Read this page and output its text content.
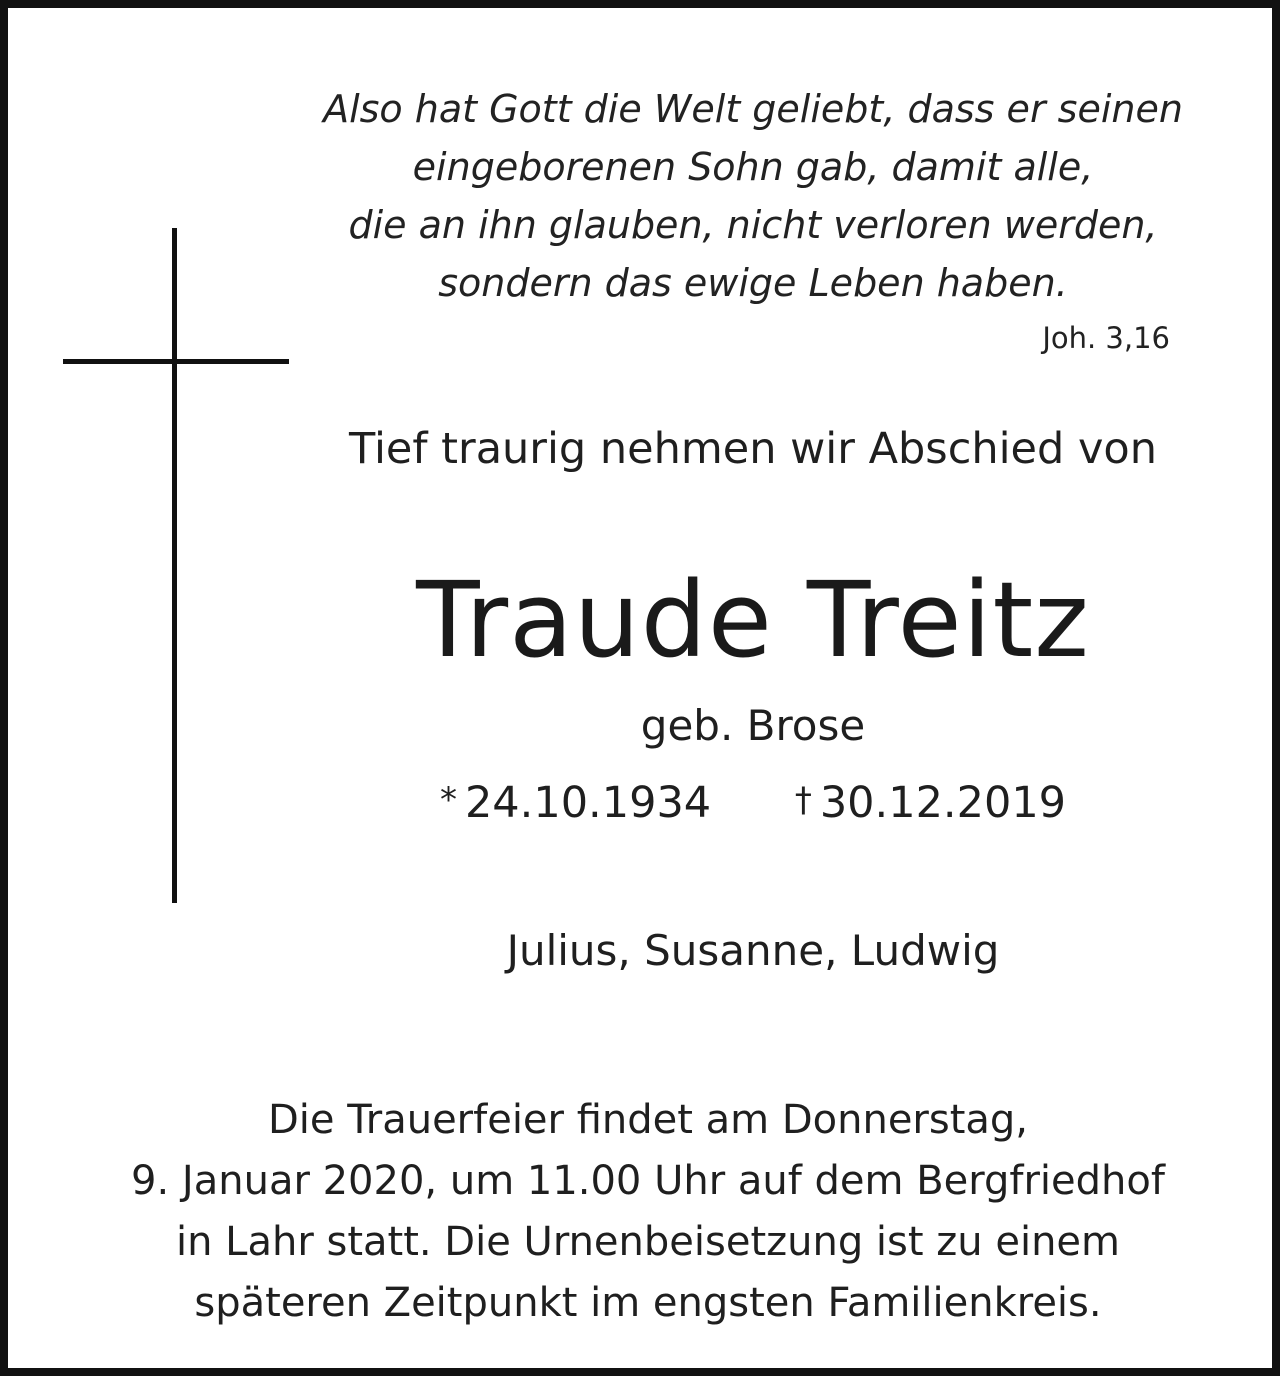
Also hat Gott die Welt geliebt, dass er seinen
eingeborenen Sohn gab, damit alle,
die an ihn glauben, nicht verloren werden,
sondern das ewige Leben haben.
Joh. 3,16
Tief traurig nehmen wir Abschied von
Traude Treitz
geb. Brose
* 24.10.1934 † 30.12.2019
Julius, Susanne, Ludwig
Die Trauerfeier findet am Donnerstag,
9. Januar 2020, um 11.00 Uhr auf dem Bergfriedhof
in Lahr statt. Die Urnenbeisetzung ist zu einem
späteren Zeitpunkt im engsten Familienkreis.
